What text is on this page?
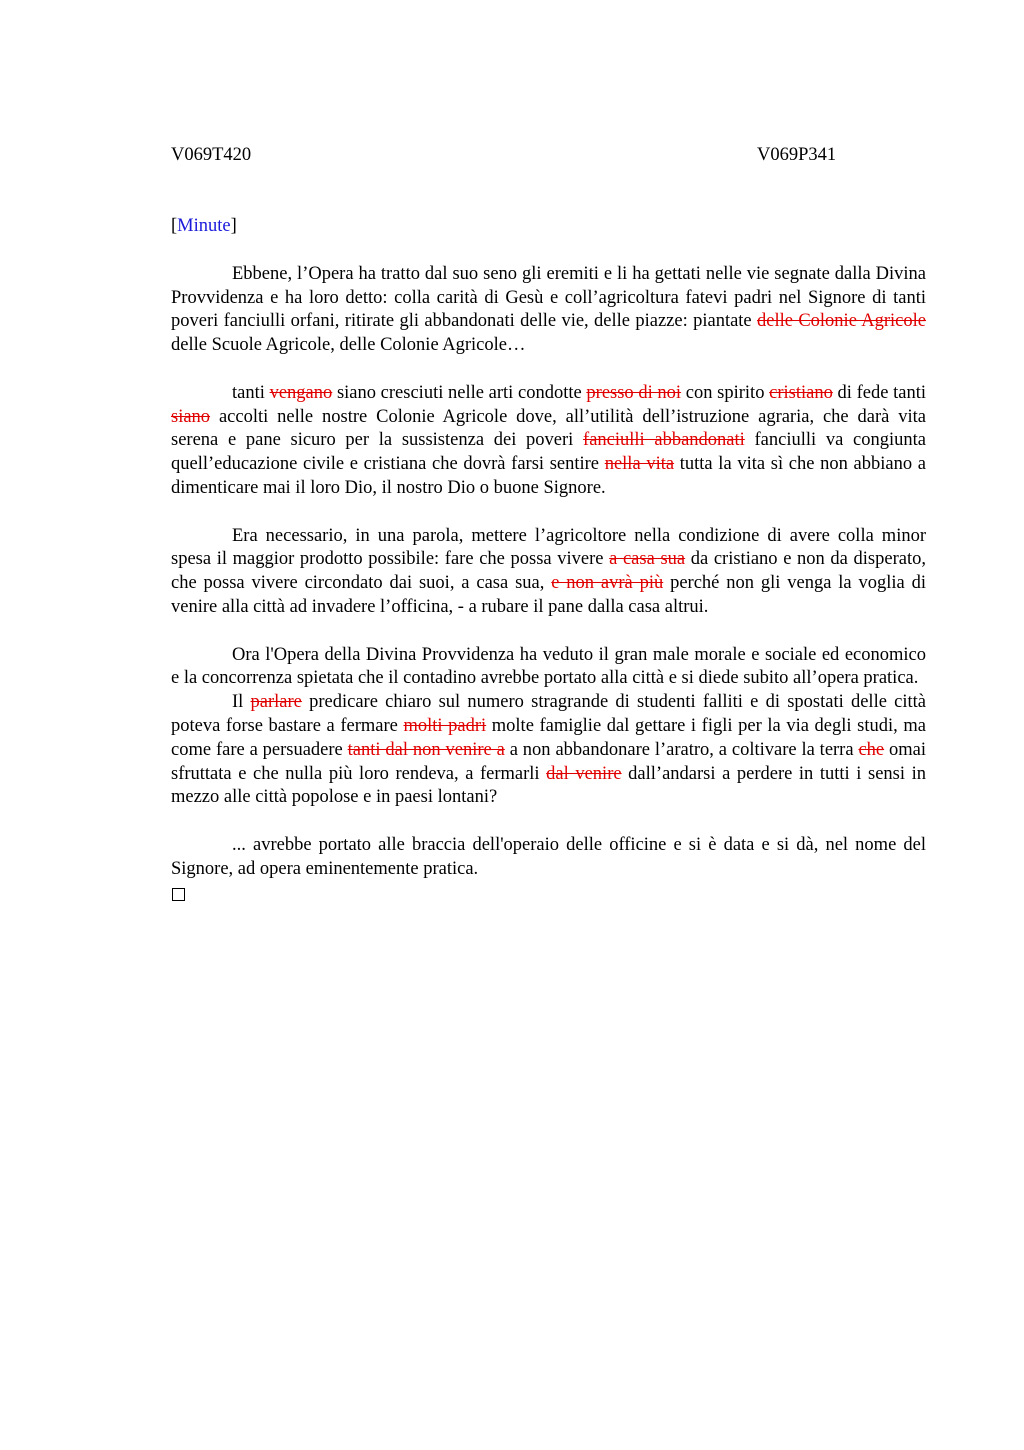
V069T420	V069P341
[Minute]

Ebbene, l’Opera ha tratto dal suo seno gli eremiti e li ha gettati nelle vie segnate dalla Divina Provvidenza e ha loro detto: colla carità di Gesù e coll’agricoltura fatevi padri nel Signore di tanti poveri fanciulli orfani, ritirate gli abbandonati delle vie, delle piazze: piantate delle Colonie Agricole delle Scuole Agricole, delle Colonie Agricole…

tanti vengano siano cresciuti nelle arti condotte presso di noi con spirito cristiano di fede tanti siano accolti nelle nostre Colonie Agricole dove, all’utilità dell’istruzione agraria, che darà vita serena e pane sicuro per la sussistenza dei poveri fanciulli abbandonati fanciulli va congiunta quell’educazione civile e cristiana che dovrà farsi sentire nella vita tutta la vita sì che non abbiano a dimenticare mai il loro Dio, il nostro Dio o buone Signore.

Era necessario, in una parola, mettere l’agricoltore nella condizione di avere colla minor spesa il maggior prodotto possibile: fare che possa vivere a casa sua da cristiano e non da disperato, che possa vivere circondato dai suoi, a casa sua, e non avrà più perché non gli venga la voglia di venire alla città ad invadere l’officina, - a rubare il pane dalla casa altrui.

Ora l'Opera della Divina Provvidenza ha veduto il gran male morale e sociale ed economico e la concorrenza spietata che il contadino avrebbe portato alla città e si diede subito all’opera pratica.

Il parlare predicare chiaro sul numero stragrande di studenti falliti e di spostati delle città poteva forse bastare a fermare molti padri molte famiglie dal gettare i figli per la via degli studi, ma come fare a persuadere tanti dal non venire a a non abbandonare l’aratro, a coltivare la terra che omai sfruttata e che nulla più loro rendeva, a fermarli dal venire dall’andarsi a perdere in tutti i sensi in mezzo alle città popolose e in paesi lontani?

... avrebbe portato alle braccia dell'operaio delle officine e si è data e si dà, nel nome del Signore, ad opera eminentemente pratica.
